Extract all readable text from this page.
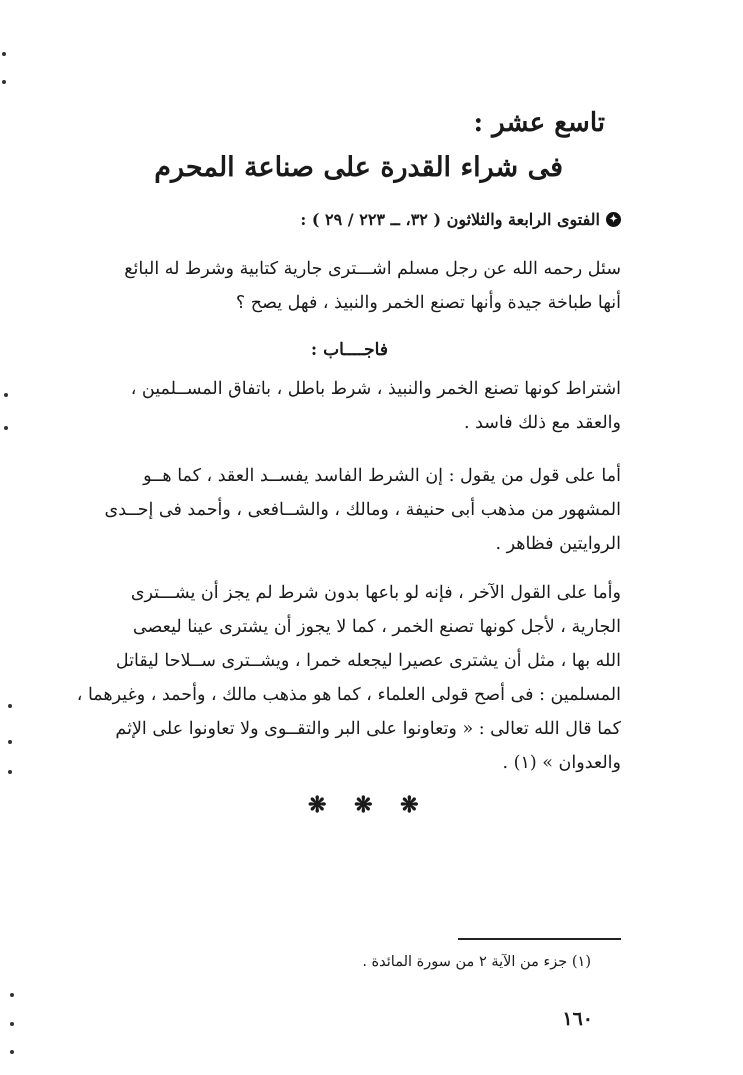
تاسع عشر :
فى شراء القدرة على صناعة المحرم
✦
الفتوى الرابعة والثلاثون ( ٣٢، ــ ٢٢٣ / ٢٩ ) :

سئل رحمه الله عن رجل مسلم اشـــترى جارية كتابية وشرط له البائع

أنها طباخة جيدة وأنها تصنع الخمر والنبيذ ، فهل يصح ؟

فاجــــاب :

اشتراط كونها تصنع الخمر والنبيذ ، شرط باطل ، باتفاق المســلمين ،

والعقد مع ذلك فاسد .

أما على قول من يقول : إن الشرط الفاسد يفســد العقد ، كما هــو

المشهور من مذهب أبى حنيفة ، ومالك ، والشــافعى ، وأحمد فى إحــدى

الروايتين فظاهر .

وأما على القول الآخر ، فإنه لو باعها بدون شرط لم يجز أن يشـــترى

الجارية ، لأجل كونها تصنع الخمر ، كما لا يجوز أن يشترى عينا ليعصى

الله بها ، مثل أن يشترى عصيرا ليجعله خمرا ، ويشــترى ســلاحا ليقاتل

المسلمين : فى أصح قولى العلماء ، كما هو مذهب مالك ، وأحمد ، وغيرهما ،

كما قال الله تعالى : « وتعاونوا على البر والتقــوى ولا تعاونوا على الإثم

والعدوان » (١) .

❋ ❋ ❋
(١) جزء من الآية ٢ من سورة المائدة .
١٦٠
